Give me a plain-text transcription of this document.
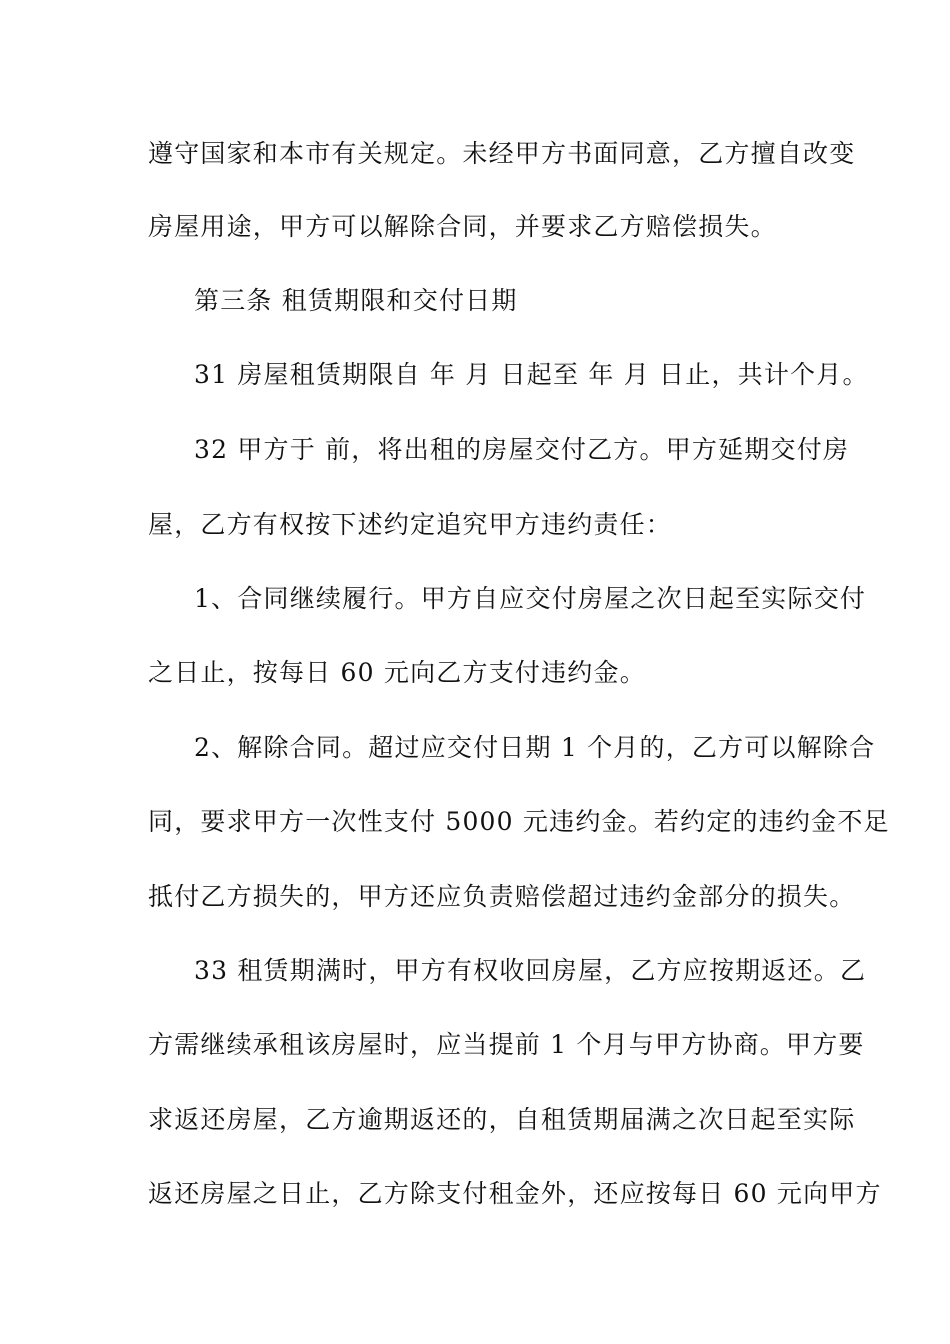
遵守国家和本市有关规定。未经甲方书面同意，乙方擅自改变
房屋用途，甲方可以解除合同，并要求乙方赔偿损失。
第三条 租赁期限和交付日期
31 房屋租赁期限自 年 月 日起至 年 月 日止，共计个月。
32 甲方于 前，将出租的房屋交付乙方。甲方延期交付房
屋，乙方有权按下述约定追究甲方违约责任：
1、合同继续履行。甲方自应交付房屋之次日起至实际交付
之日止，按每日 60 元向乙方支付违约金。
2、解除合同。超过应交付日期 1 个月的，乙方可以解除合
同，要求甲方一次性支付 5000 元违约金。若约定的违约金不足
抵付乙方损失的，甲方还应负责赔偿超过违约金部分的损失。
33 租赁期满时，甲方有权收回房屋，乙方应按期返还。乙
方需继续承租该房屋时，应当提前 1 个月与甲方协商。甲方要
求返还房屋，乙方逾期返还的，自租赁期届满之次日起至实际
返还房屋之日止，乙方除支付租金外，还应按每日 60 元向甲方
